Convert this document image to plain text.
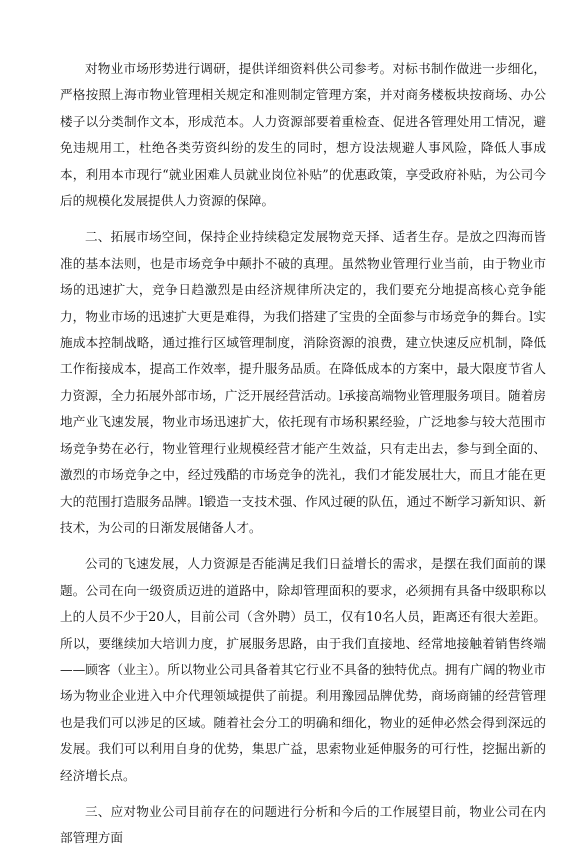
对物业市场形势进行调研，提供详细资料供公司参考。对标书制作做进一步细化，严格按照上海市物业管理相关规定和准则制定管理方案，并对商务楼板块按商场、办公楼子以分类制作文本，形成范本。人力资源部要着重检查、促进各管理处用工情况，避免违规用工，杜绝各类劳资纠纷的发生的同时，想方设法规避人事风险，降低人事成本，利用本市现行“就业困难人员就业岗位补贴”的优惠政策，享受政府补贴，为公司今后的规模化发展提供人力资源的保障。

二、拓展市场空间，保持企业持续稳定发展物竞天择、适者生存。是放之四海而皆准的基本法则，也是市场竞争中颠扑不破的真理。虽然物业管理行业当前，由于物业市场的迅速扩大，竞争日趋激烈是由经济规律所决定的，我们要充分地提高核心竞争能力，物业市场的迅速扩大更是难得，为我们搭建了宝贵的全面参与市场竞争的舞台。l实施成本控制战略，通过推行区域管理制度，消除资源的浪费，建立快速反应机制，降低工作衔接成本，提高工作效率，提升服务品质。在降低成本的方案中，最大限度节省人力资源，全力拓展外部市场，广泛开展经营活动。l承接高端物业管理服务项目。随着房地产业飞速发展，物业市场迅速扩大，依托现有市场积累经验，广泛地参与较大范围市场竞争势在必行，物业管理行业规模经营才能产生效益，只有走出去，参与到全面的、激烈的市场竞争之中，经过残酷的市场竞争的洗礼，我们才能发展壮大，而且才能在更大的范围打造服务品牌。l锻造一支技术强、作风过硬的队伍，通过不断学习新知识、新技术，为公司的日渐发展储备人才。

公司的飞速发展，人力资源是否能满足我们日益增长的需求，是摆在我们面前的课题。公司在向一级资质迈进的道路中，除却管理面积的要求，必须拥有具备中级职称以上的人员不少于20人，目前公司（含外聘）员工，仅有10名人员，距离还有很大差距。所以，要继续加大培训力度，扩展服务思路，由于我们直接地、经常地接触着销售终端——顾客（业主）。所以物业公司具备着其它行业不具备的独特优点。拥有广阔的物业市场为物业企业进入中介代理领域提供了前提。利用豫园品牌优势，商场商铺的经营管理也是我们可以涉足的区域。随着社会分工的明确和细化，物业的延伸必然会得到深远的发展。我们可以利用自身的优势，集思广益，思索物业延伸服务的可行性，挖掘出新的经济增长点。

三、应对物业公司目前存在的问题进行分析和今后的工作展望目前，物业公司在内部管理方面
